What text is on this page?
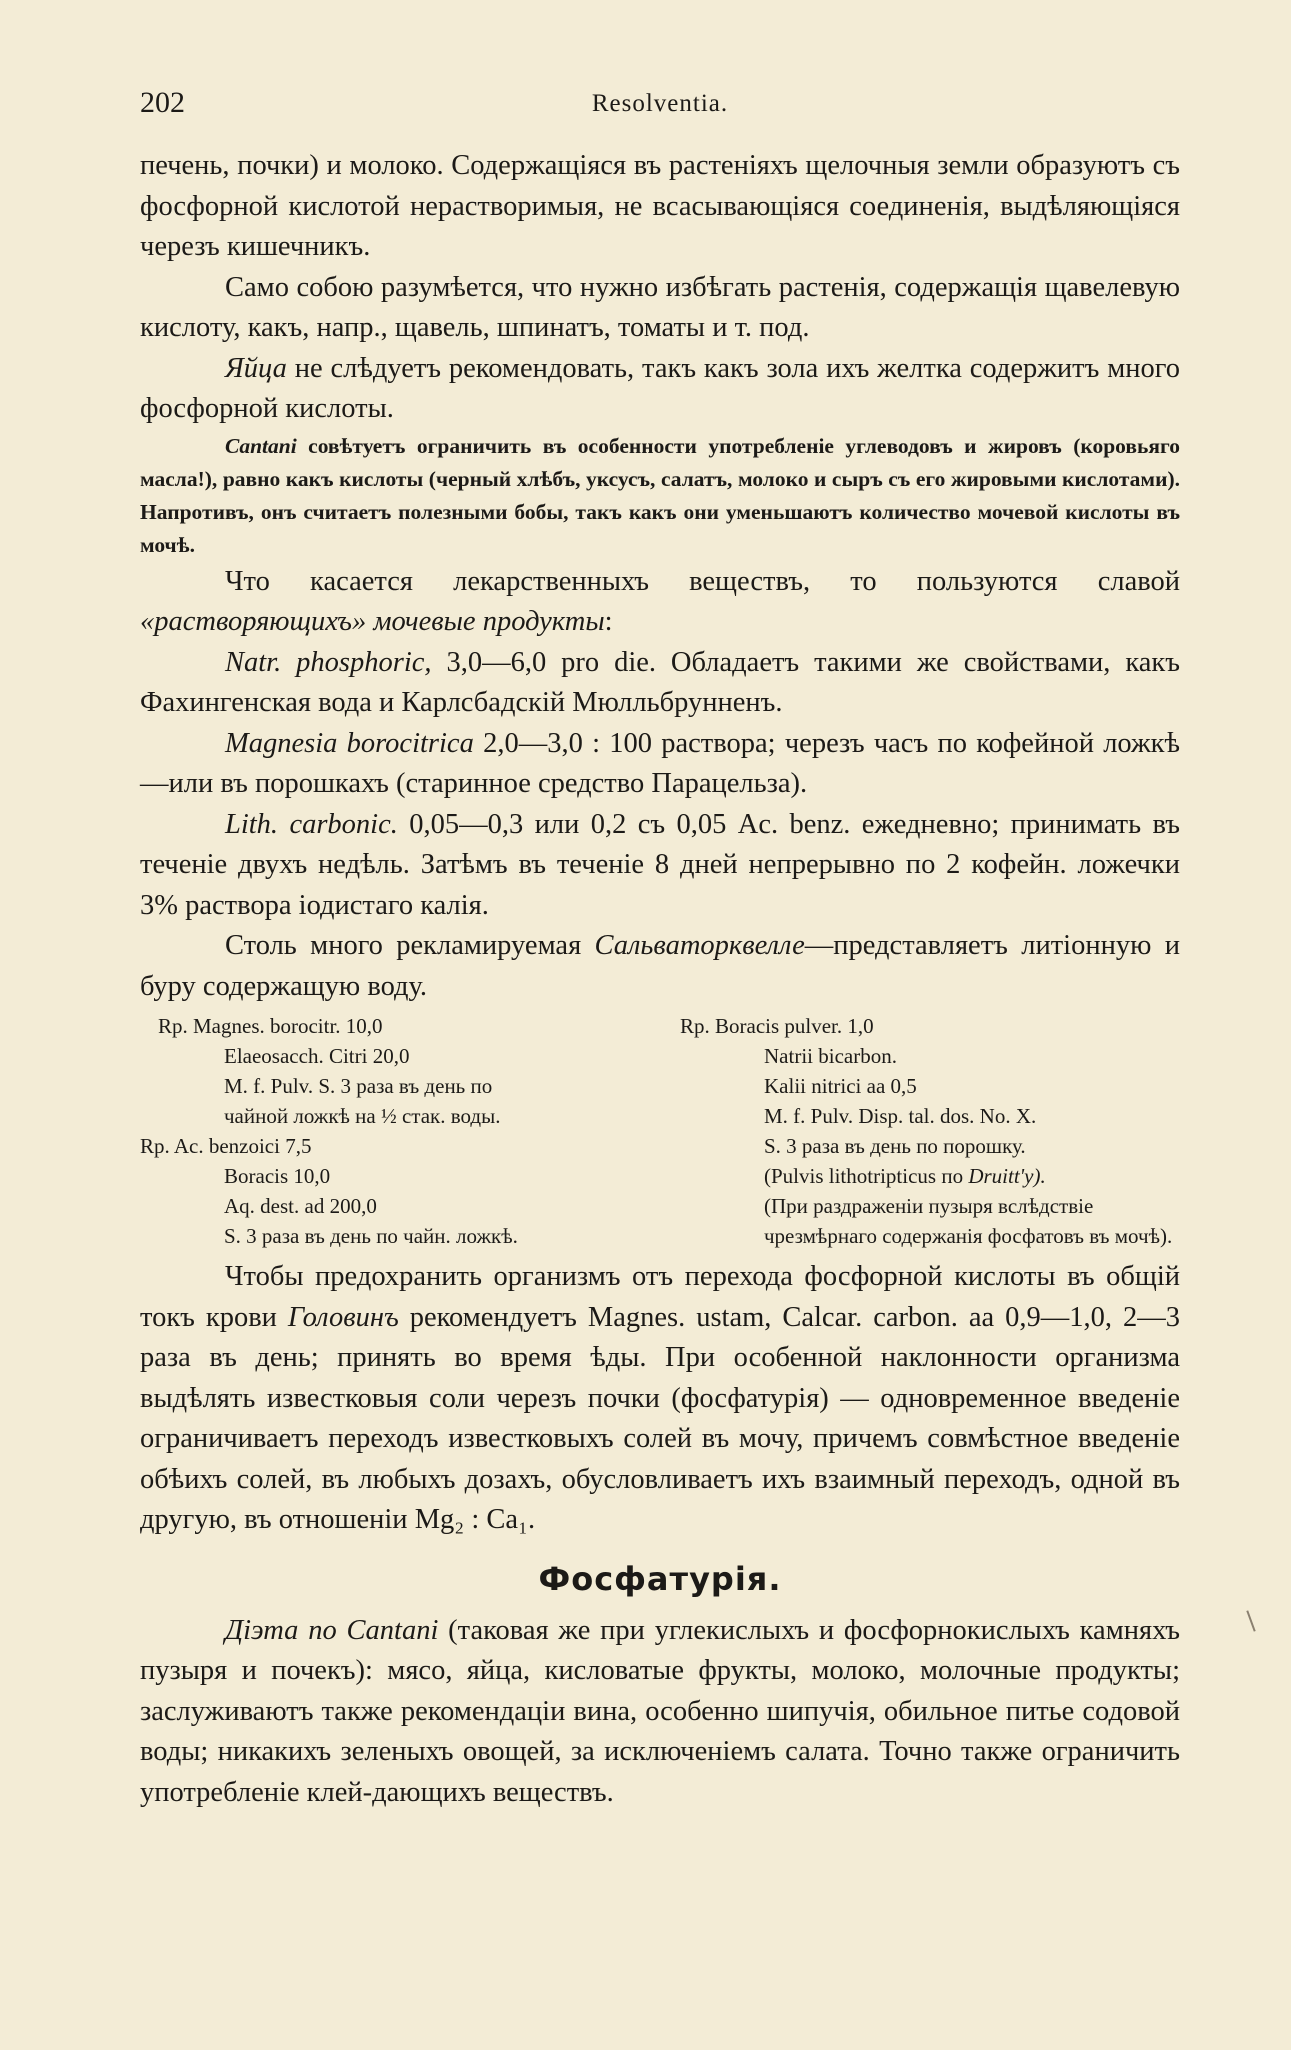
202	Resolventia.

печень, почки) и молоко. Содержащіяся въ растеніяхъ щелочныя земли образуютъ съ фосфорной кислотой нерастворимыя, не всасывающіяся соединенія, выдѣляющіяся черезъ кишечникъ.

Само собою разумѣется, что нужно избѣгать растенія, содержащія щавелевую кислоту, какъ, напр., щавель, шпинатъ, томаты и т. под.

Яйца не слѣдуетъ рекомендовать, такъ какъ зола ихъ желтка содержитъ много фосфорной кислоты.

Cantani совѣтуетъ ограничить въ особенности употребленіе углеводовъ и жировъ (коровьяго масла!), равно какъ кислоты (черный хлѣбъ, уксусъ, салатъ, молоко и сыръ съ его жировыми кислотами). Напротивъ, онъ считаетъ полезными бобы, такъ какъ они уменьшаютъ количество мочевой кислоты въ мочѣ.

Что касается лекарственныхъ веществъ, то пользуются славой «растворяющихъ» мочевые продукты:

Natr. phosphoric, 3,0—6,0 pro die. Обладаетъ такими же свойствами, какъ Фахингенская вода и Карлсбадскій Мюлльбрунненъ.

Magnesia borocitrica 2,0—3,0 : 100 раствора; черезъ часъ по кофейной ложкѣ—или въ порошкахъ (старинное средство Парацельза).

Lith. carbonic. 0,05—0,3 или 0,2 съ 0,05 Ac. benz. ежедневно; принимать въ теченіе двухъ недѣль. Затѣмъ въ теченіе 8 дней непрерывно по 2 кофейн. ложечки 3% раствора іодистаго калія.

Столь много рекламируемая Сальваторквелле—представляетъ литіонную и буру содержащую воду.

Rp. Magnes. borocitr. 10,0
Elaeosacch. Citri 20,0
M. f. Pulv. S. 3 раза въ день по
чайной ложкѣ на ½ стак. воды.
Rp. Ac. benzoici 7,5
Boracis 10,0
Aq. dest. ad 200,0
S. 3 раза въ день по чайн. ложкѣ.
Rp. Boracis pulver. 1,0
Natrii bicarbon.
Kalii nitrici aa 0,5
M. f. Pulv. Disp. tal. dos. No. X.
S. 3 раза въ день по порошку.
(Pulvis lithotripticus по Druitt'у).
(При раздраженіи пузыря вслѣдствіе чрезмѣрнаго содержанія фосфатовъ въ мочѣ).

Чтобы предохранить организмъ отъ перехода фосфорной кислоты въ общій токъ крови Головинъ рекомендуетъ Magnes. ustam, Calcar. carbon. aa 0,9—1,0, 2—3 раза въ день; принять во время ѣды. При особенной наклонности организма выдѣлять известковыя соли черезъ почки (фосфатурія) — одновременное введеніе ограничиваетъ переходъ известковыхъ солей въ мочу, причемъ совмѣстное введеніе обѣихъ солей, въ любыхъ дозахъ, обусловливаетъ ихъ взаимный переходъ, одной въ другую, въ отношеніи Mg₂ : Ca₁.

Фосфатурія.

Діэта по Cantani (таковая же при углекислыхъ и фосфорнокислыхъ камняхъ пузыря и почекъ): мясо, яйца, кисловатые фрукты, молоко, молочные продукты; заслуживаютъ также рекомендаціи вина, особенно шипучія, обильное питье содовой воды; никакихъ зеленыхъ овощей, за исключеніемъ салата. Точно также ограничить употребленіе клей-дающихъ веществъ.
